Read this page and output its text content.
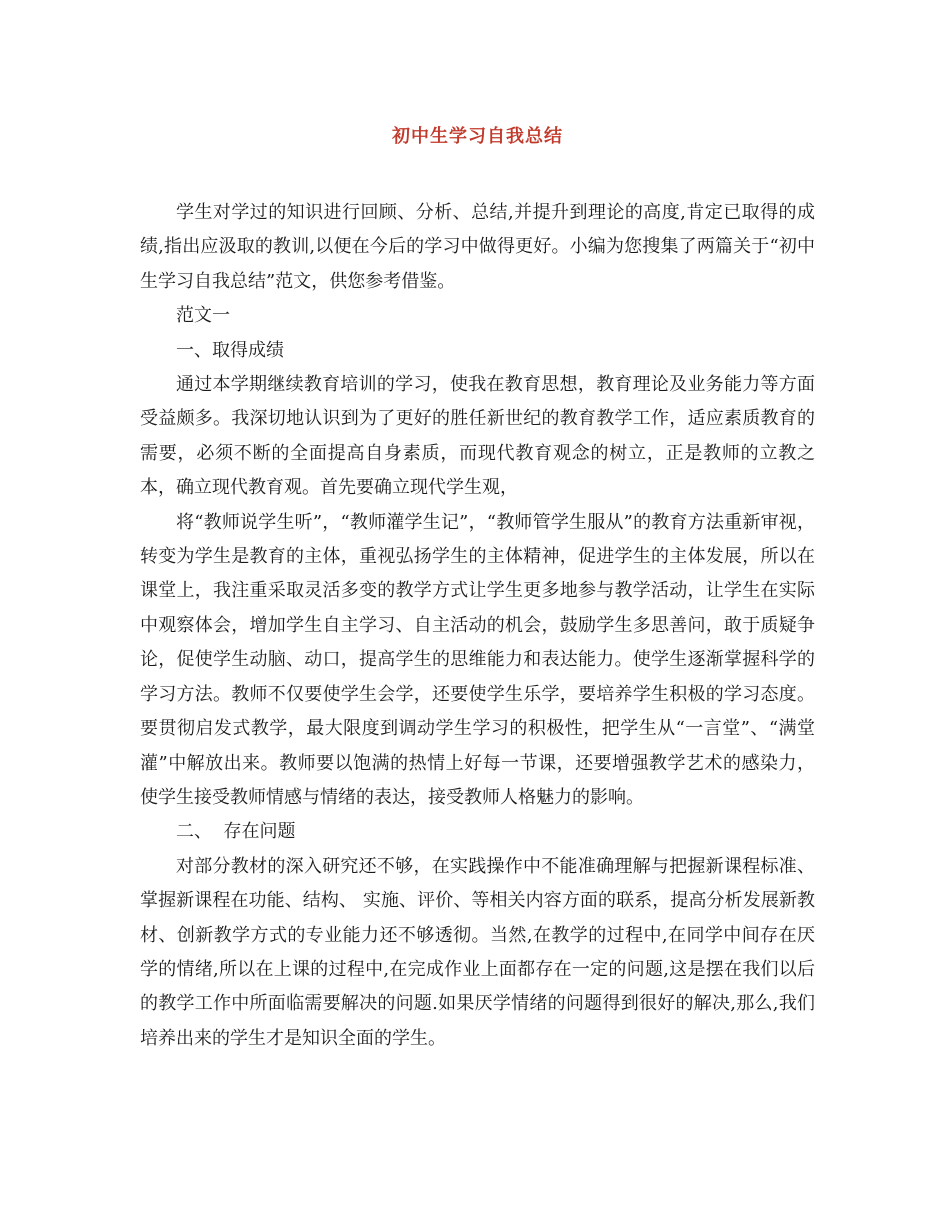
初中生学习自我总结

学生对学过的知识进行回顾、分析、总结,并提升到理论的高度,肯定已取得的成绩,指出应汲取的教训,以便在今后的学习中做得更好。小编为您搜集了两篇关于“初中生学习自我总结”范文，供您参考借鉴。

范文一

一、取得成绩

通过本学期继续教育培训的学习，使我在教育思想，教育理论及业务能力等方面受益颇多。我深切地认识到为了更好的胜任新世纪的教育教学工作，适应素质教育的需要，必须不断的全面提高自身素质，而现代教育观念的树立，正是教师的立教之本，确立现代教育观。首先要确立现代学生观，

将“教师说学生听”，“教师灌学生记”，“教师管学生服从”的教育方法重新审视，转变为学生是教育的主体，重视弘扬学生的主体精神，促进学生的主体发展，所以在课堂上，我注重采取灵活多变的教学方式让学生更多地参与教学活动，让学生在实际中观察体会，增加学生自主学习、自主活动的机会，鼓励学生多思善问，敢于质疑争论，促使学生动脑、动口，提高学生的思维能力和表达能力。使学生逐渐掌握科学的学习方法。教师不仅要使学生会学，还要使学生乐学，要培养学生积极的学习态度。要贯彻启发式教学，最大限度到调动学生学习的积极性，把学生从“一言堂”、“满堂灌”中解放出来。教师要以饱满的热情上好每一节课，还要增强教学艺术的感染力，使学生接受教师情感与情绪的表达，接受教师人格魅力的影响。

二、  存在问题

对部分教材的深入研究还不够，在实践操作中不能准确理解与把握新课程标准、掌握新课程在功能、结构、 实施、评价、等相关内容方面的联系，提高分析发展新教材、创新教学方式的专业能力还不够透彻。当然,在教学的过程中,在同学中间存在厌学的情绪,所以在上课的过程中,在完成作业上面都存在一定的问题,这是摆在我们以后的教学工作中所面临需要解决的问题.如果厌学情绪的问题得到很好的解决,那么,我们培养出来的学生才是知识全面的学生。
